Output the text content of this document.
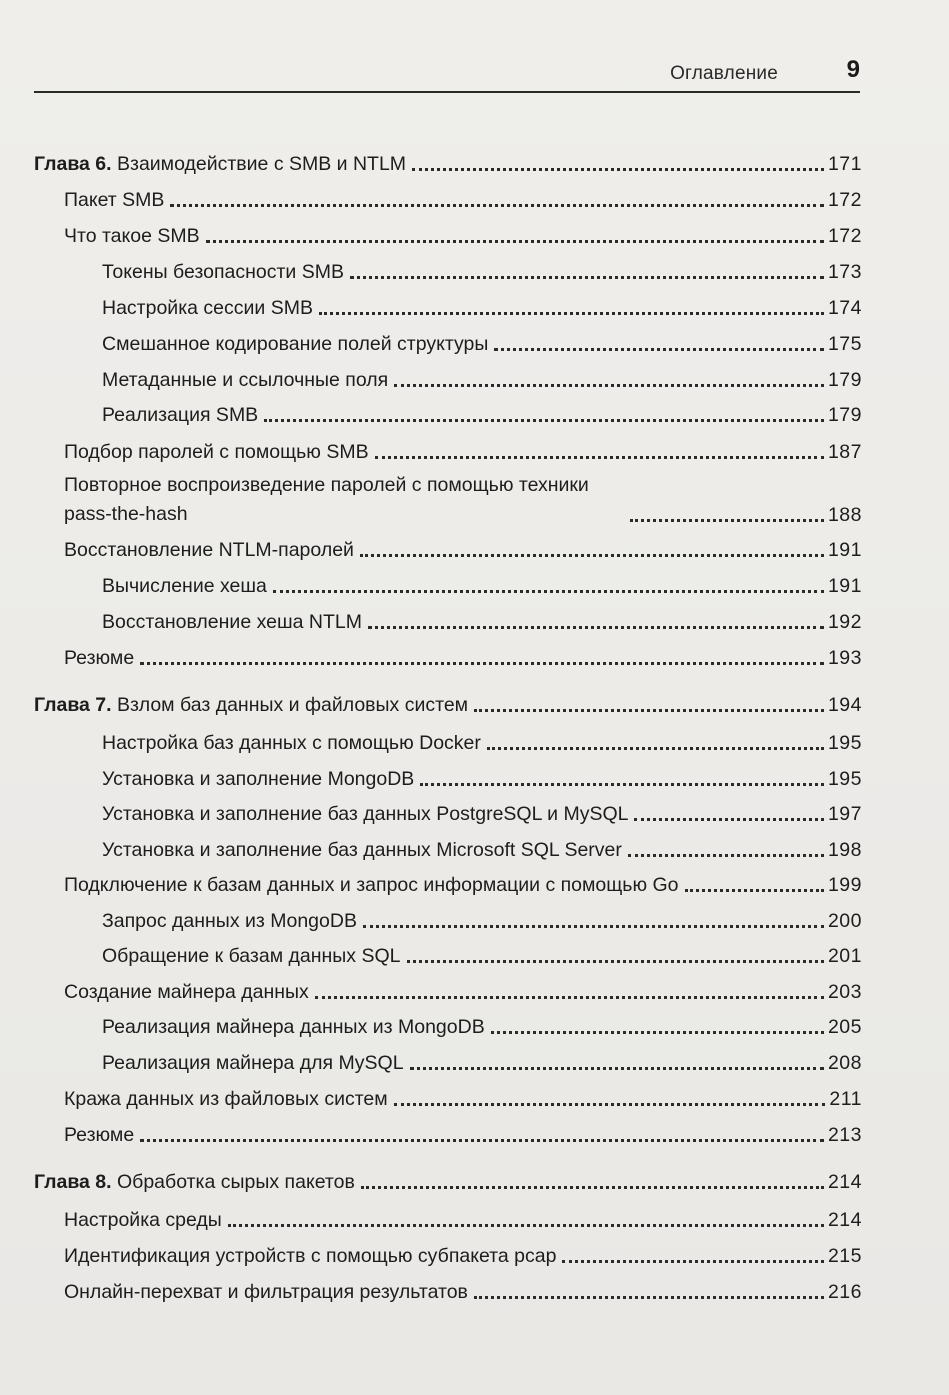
Оглавление	9
Глава 6. Взаимодействие с SMB и NTLM	171
Пакет SMB	172
Что такое SMB	172
Токены безопасности SMB	173
Настройка сессии SMB	174
Смешанное кодирование полей структуры	175
Метаданные и ссылочные поля	179
Реализация SMB	179
Подбор паролей с помощью SMB	187
Повторное воспроизведение паролей с помощью техники pass-the-hash	188
Восстановление NTLM-паролей	191
Вычисление хеша	191
Восстановление хеша NTLM	192
Резюме	193
Глава 7. Взлом баз данных и файловых систем	194
Настройка баз данных с помощью Docker	195
Установка и заполнение MongoDB	195
Установка и заполнение баз данных PostgreSQL и MySQL	197
Установка и заполнение баз данных Microsoft SQL Server	198
Подключение к базам данных и запрос информации с помощью Go	199
Запрос данных из MongoDB	200
Обращение к базам данных SQL	201
Создание майнера данных	203
Реализация майнера данных из MongoDB	205
Реализация майнера для MySQL	208
Кража данных из файловых систем	211
Резюме	213
Глава 8. Обработка сырых пакетов	214
Настройка среды	214
Идентификация устройств с помощью субпакета pcap	215
Онлайн-перехват и фильтрация результатов	216
